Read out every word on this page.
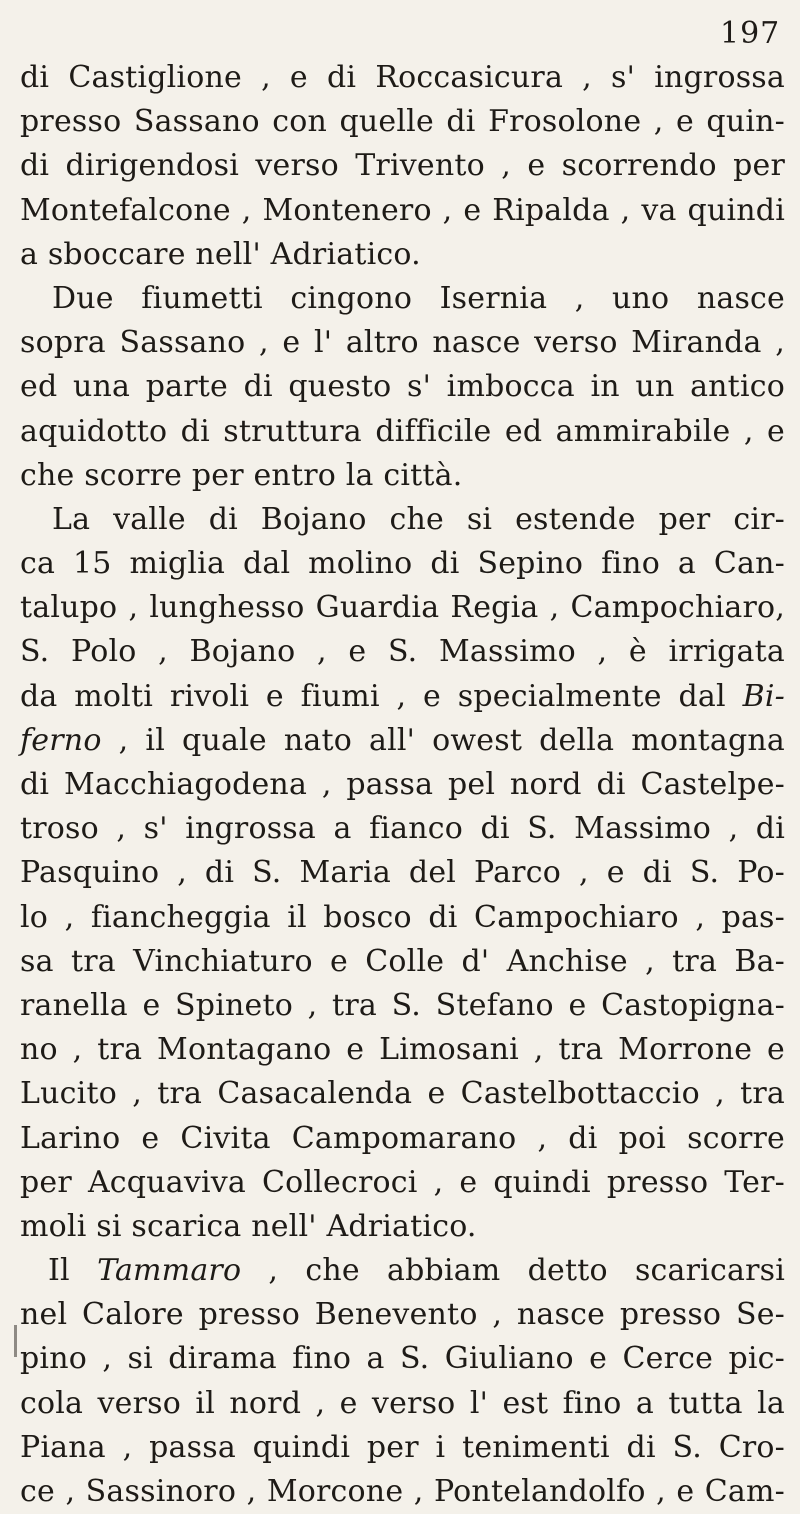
197
di Castiglione , e di Roccasicura , s' ingrossa
presso Sassano con quelle di Frosolone , e quin-
di dirigendosi verso Trivento , e scorrendo per
Montefalcone , Montenero , e Ripalda , va quindi
a sboccare nell' Adriatico.
Due fiumetti cingono Isernia , uno nasce
sopra Sassano , e l' altro nasce verso Miranda ,
ed una parte di questo s' imbocca in un antico
aquidotto di struttura difficile ed ammirabile , e
che scorre per entro la città.
La valle di Bojano che si estende per cir-
ca 15 miglia dal molino di Sepino fino a Can-
talupo , lunghesso Guardia Regia , Campochiaro,
S. Polo , Bojano , e S. Massimo , è irrigata
da molti rivoli e fiumi , e specialmente dal Bi-
ferno , il quale nato all' owest della montagna
di Macchiagodena , passa pel nord di Castelpe-
troso , s' ingrossa a fianco di S. Massimo , di
Pasquino , di S. Maria del Parco , e di S. Po-
lo , fiancheggia il bosco di Campochiaro , pas-
sa tra Vinchiaturo e Colle d' Anchise , tra Ba-
ranella e Spineto , tra S. Stefano e Castopigna-
no , tra Montagano e Limosani , tra Morrone e
Lucito , tra Casacalenda e Castelbottaccio , tra
Larino e Civita Campomarano , di poi scorre
per Acquaviva Collecroci , e quindi presso Ter-
moli si scarica nell' Adriatico.
Il Tammaro , che abbiam detto scaricarsi
nel Calore presso Benevento , nasce presso Se-
pino , si dirama fino a S. Giuliano e Cerce pic-
cola verso il nord , e verso l' est fino a tutta la
Piana , passa quindi per i tenimenti di S. Cro-
ce , Sassinoro , Morcone , Pontelandolfo , e Cam-
